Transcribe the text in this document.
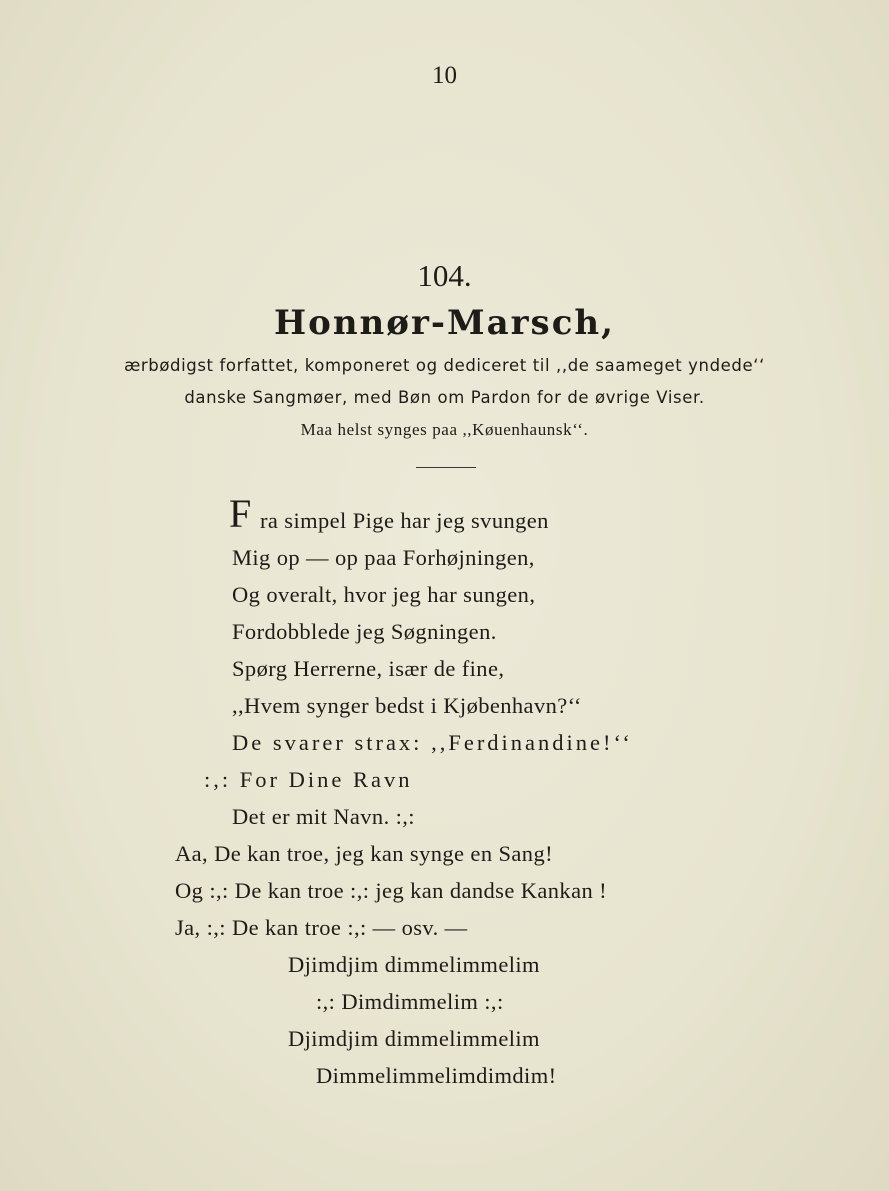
10
104.
Honnør-Marsch,
ærbødigst forfattet, komponeret og dediceret til ,,de saameget yndede‘‘
danske Sangmøer, med Bøn om Pardon for de øvrige Viser.
Maa helst synges paa ,,Køuenhaunsk‘‘.
F ra simpel Pige har jeg svungen
Mig op — op paa Forhøjningen,
Og overalt, hvor jeg har sungen,
Fordobblede jeg Søgningen.
Spørg Herrerne, især de fine,
,,Hvem synger bedst i Kjøbenhavn?‘‘
De svarer strax: ,,Ferdinandine!‘‘
:,: For Dine Ravn
Det er mit Navn. :,:
Aa, De kan troe, jeg kan synge en Sang!
Og :,: De kan troe :,: jeg kan dandse Kankan !
Ja, :,: De kan troe :,: — osv. —
Djimdjim dimmelimmelim
:,: Dimdimmelim :,:
Djimdjim dimmelimmelim
Dimmelimmelimdimdim!
